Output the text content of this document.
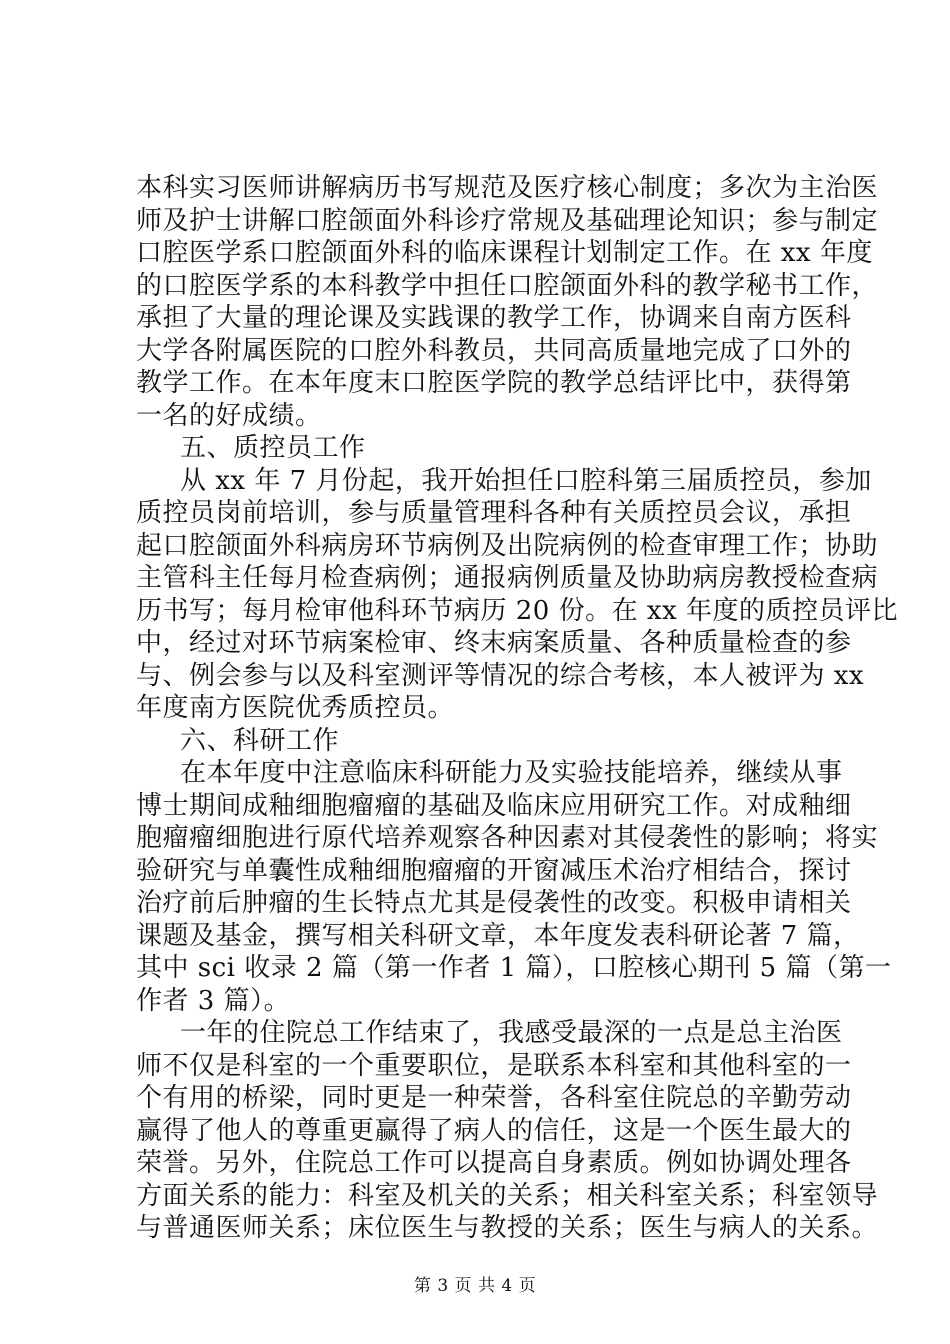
本科实习医师讲解病历书写规范及医疗核心制度；多次为主治医
师及护士讲解口腔颌面外科诊疗常规及基础理论知识；参与制定
口腔医学系口腔颌面外科的临床课程计划制定工作。在 xx 年度
的口腔医学系的本科教学中担任口腔颌面外科的教学秘书工作，
承担了大量的理论课及实践课的教学工作，协调来自南方医科
大学各附属医院的口腔外科教员，共同高质量地完成了口外的
教学工作。在本年度末口腔医学院的教学总结评比中，获得第
一名的好成绩。
五、质控员工作
从 xx 年 7 月份起，我开始担任口腔科第三届质控员，参加
质控员岗前培训，参与质量管理科各种有关质控员会议，承担
起口腔颌面外科病房环节病例及出院病例的检查审理工作；协助
主管科主任每月检查病例；通报病例质量及协助病房教授检查病
历书写；每月检审他科环节病历 20 份。在 xx 年度的质控员评比
中，经过对环节病案检审、终末病案质量、各种质量检查的参
与、例会参与以及科室测评等情况的综合考核，本人被评为 xx
年度南方医院优秀质控员。
六、科研工作
在本年度中注意临床科研能力及实验技能培养，继续从事
博士期间成釉细胞瘤瘤的基础及临床应用研究工作。对成釉细
胞瘤瘤细胞进行原代培养观察各种因素对其侵袭性的影响；将实
验研究与单囊性成釉细胞瘤瘤的开窗减压术治疗相结合，探讨
治疗前后肿瘤的生长特点尤其是侵袭性的改变。积极申请相关
课题及基金，撰写相关科研文章，本年度发表科研论著 7 篇，
其中 sci 收录 2 篇（第一作者 1 篇），口腔核心期刊 5 篇（第一
作者 3 篇）。
一年的住院总工作结束了，我感受最深的一点是总主治医
师不仅是科室的一个重要职位，是联系本科室和其他科室的一
个有用的桥梁，同时更是一种荣誉，各科室住院总的辛勤劳动
赢得了他人的尊重更赢得了病人的信任，这是一个医生最大的
荣誉。另外，住院总工作可以提高自身素质。例如协调处理各
方面关系的能力：科室及机关的关系；相关科室关系；科室领导
与普通医师关系；床位医生与教授的关系；医生与病人的关系。
第 3 页 共 4 页
